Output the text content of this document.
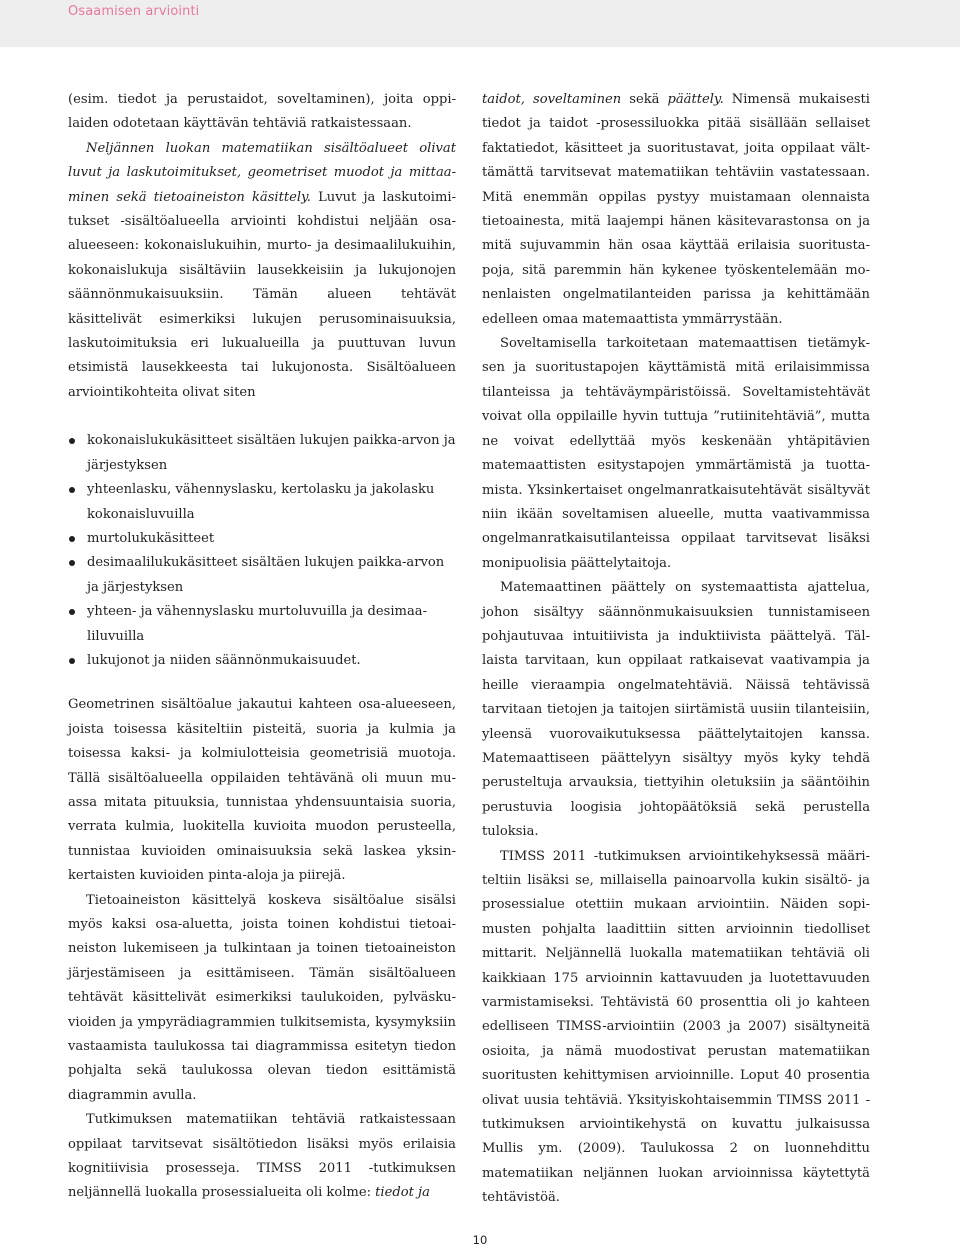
Osaamisen arviointi

(esim. tiedot ja perustaidot, soveltaminen), joita oppilaiden odotetaan käyttävän tehtäviä ratkaistessaan.

Neljännen luokan matematiikan sisältöalueet olivat luvut ja laskutoimitukset, geometriset muodot ja mittaaminen sekä tietoaineiston käsittely. Luvut ja laskutoimitukset -sisältöalueella arviointi kohdistui neljään osaalueeseen: kokonaislukuihin, murto- ja desimaalilukuihin, kokonaislukuja sisältäviin lausekkeisiin ja lukujonojen säännönmukaisuuksiin. Tämän alueen tehtävät käsittelivät esimerkiksi lukujen perusominaisuuksia, laskutoimituksia eri lukualueilla ja puuttuvan luvun etsimistä lausekkeesta tai lukujonosta. Sisältöalueen arviointikohteita olivat siten

kokonaislukukäsitteet sisältäen lukujen paikka-arvon ja järjestyksen
yhteenlasku, vähennyslasku, kertolasku ja jakolasku kokonaisluvuilla
murtolukukäsitteet
desimaalilukukäsitteet sisältäen lukujen paikka-arvon ja järjestyksen
yhteen- ja vähennyslasku murtoluvuilla ja desimaaliluvuilla
lukujonot ja niiden säännönmukaisuudet.

Geometrinen sisältöalue jakautui kahteen osa-alueeseen, joista toisessa käsiteltiin pisteitä, suoria ja kulmia ja toisessa kaksi- ja kolmiulotteisia geometrisiä muotoja. Tällä sisältöalueella oppilaiden tehtävänä oli muun muassa mitata pituuksia, tunnistaa yhdensuuntaisia suoria, verrata kulmia, luokitella kuvioita muodon perusteella, tunnistaa kuvioiden ominaisuuksia sekä laskea yksinkertaisten kuvioiden pinta-aloja ja piirejä.

Tietoaineiston käsittelyä koskeva sisältöalue sisälsi myös kaksi osa-aluetta, joista toinen kohdistui tietoaineiston lukemiseen ja tulkintaan ja toinen tietoaineiston järjestämiseen ja esittämiseen. Tämän sisältöalueen tehtävät käsittelivät esimerkiksi taulukoiden, pylväskuvioiden ja ympyrädiagrammien tulkitsemista, kysymyksiin vastaamista taulukossa tai diagrammissa esitetyn tiedon pohjalta sekä taulukossa olevan tiedon esittämistä diagrammin avulla.

Tutkimuksen matematiikan tehtäviä ratkaistessaan oppilaat tarvitsevat sisältötiedon lisäksi myös erilaisia kognitiivisia prosesseja. TIMSS 2011 -tutkimuksen neljännellä luokalla prosessialueita oli kolme: tiedot ja

taidot, soveltaminen sekä päättely. Nimensä mukaisesti tiedot ja taidot -prosessiluokka pitää sisällään sellaiset faktatiedot, käsitteet ja suoritustavat, joita oppilaat välttämättä tarvitsevat matematiikan tehtäviin vastatessaan. Mitä enemmän oppilas pystyy muistamaan olennaista tietoainesta, mitä laajempi hänen käsitevarastonsa on ja mitä sujuvammin hän osaa käyttää erilaisia suoritustapoja, sitä paremmin hän kykenee työskentelemään monenlaisten ongelmatilanteiden parissa ja kehittämään edelleen omaa matemaattista ymmärrystään.

Soveltamisella tarkoitetaan matemaattisen tietämyksen ja suoritustapojen käyttämistä mitä erilaisimmissa tilanteissa ja tehtäväympäristöissä. Soveltamistehtävät voivat olla oppilaille hyvin tuttuja ”rutiinitehtäviä”, mutta ne voivat edellyttää myös keskenään yhtäpitävien matemaattisten esitystapojen ymmärtämistä ja tuottamista. Yksinkertaiset ongelmanratkaisutehtävät sisältyvät niin ikään soveltamisen alueelle, mutta vaativammissa ongelmanratkaisutilanteissa oppilaat tarvitsevat lisäksi monipuolisia päättelytaitoja.

Matemaattinen päättely on systemaattista ajattelua, johon sisältyy säännönmukaisuuksien tunnistamiseen pohjautuvaa intuitiivista ja induktiivista päättelyä. Tällaista tarvitaan, kun oppilaat ratkaisevat vaativampia ja heille vieraampia ongelmatehtäviä. Näissä tehtävissä tarvitaan tietojen ja taitojen siirtämistä uusiin tilanteisiin, yleensä vuorovaikutuksessa päättelytaitojen kanssa. Matemaattiseen päättelyyn sisältyy myös kyky tehdä perusteltuja arvauksia, tiettyihin oletuksiin ja sääntöihin perustuvia loogisia johtopäätöksiä sekä perustella tuloksia.

TIMSS 2011 -tutkimuksen arviointikehyksessä määriteltiin lisäksi se, millaisella painoarvolla kukin sisältö- ja prosessialue otettiin mukaan arviointiin. Näiden sopimusten pohjalta laadittiin sitten arvioinnin tiedolliset mittarit. Neljännellä luokalla matematiikan tehtäviä oli kaikkiaan 175 arvioinnin kattavuuden ja luotettavuuden varmistamiseksi. Tehtävistä 60 prosenttia oli jo kahteen edelliseen TIMSS-arviointiin (2003 ja 2007) sisältyneitä osioita, ja nämä muodostivat perustan matematiikan suoritusten kehittymisen arvioinnille. Loput 40 prosentia olivat uusia tehtäviä. Yksityiskohtaisemmin TIMSS 2011 -tutkimuksen arviointikehystä on kuvattu julkaisussa Mullis ym. (2009). Taulukossa 2 on luonnehdittu matematiikan neljännen luokan arvioinnissa käytettytä tehtävistöä.

10
